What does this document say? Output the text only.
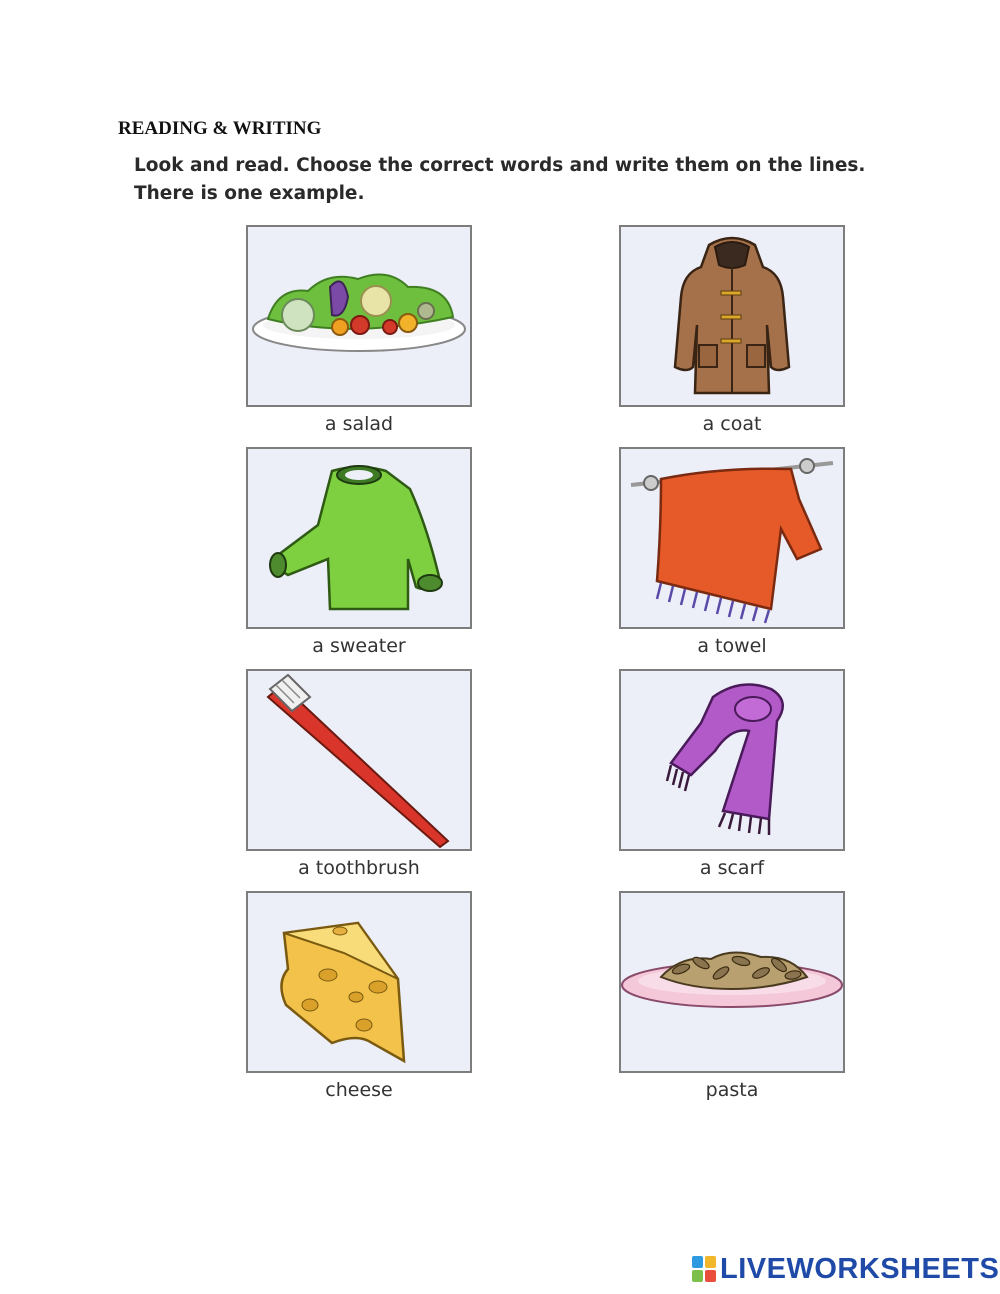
READING & WRITING

Look and read. Choose the correct words and write them on the lines.
There is one example.

a salad	a coat
a sweater	a towel
a toothbrush	a scarf
cheese	pasta
LIVEWORKSHEETS
